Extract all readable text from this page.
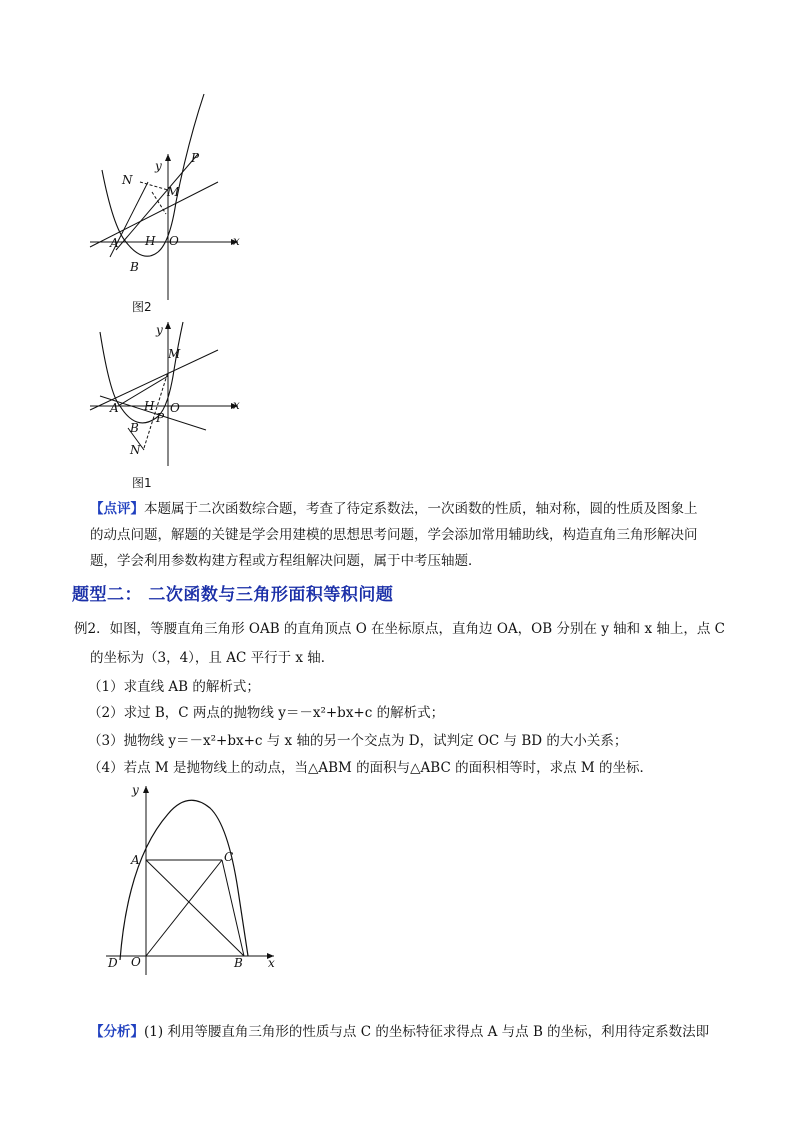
y
P
N
M
A H O	x
B
图2
y
M
A H O	x
P
B
N
图1
【点评】本题属于二次函数综合题，考查了待定系数法，一次函数的性质，轴对称，圆的性质及图象上
的动点问题，解题的关键是学会用建模的思想思考问题，学会添加常用辅助线，构造直角三角形解决问
题，学会利用参数构建方程或方程组解决问题，属于中考压轴题．
题型二： 二次函数与三角形面积等积问题
例2．如图，等腰直角三角形 OAB 的直角顶点 O 在坐标原点，直角边 OA，OB 分别在 y 轴和 x 轴上，点 C
的坐标为（3，4），且 AC 平行于 x 轴．
（1）求直线 AB 的解析式；
（2）求过 B，C 两点的抛物线 y＝－x²+bx+c 的解析式；
（3）抛物线 y＝－x²+bx+c 与 x 轴的另一个交点为 D，试判定 OC 与 BD 的大小关系；
（4）若点 M 是抛物线上的动点，当△ABM 的面积与△ABC 的面积相等时，求点 M 的坐标．
y
A	C
D O	B x
【分析】(1) 利用等腰直角三角形的性质与点 C 的坐标特征求得点 A 与点 B 的坐标，利用待定系数法即
